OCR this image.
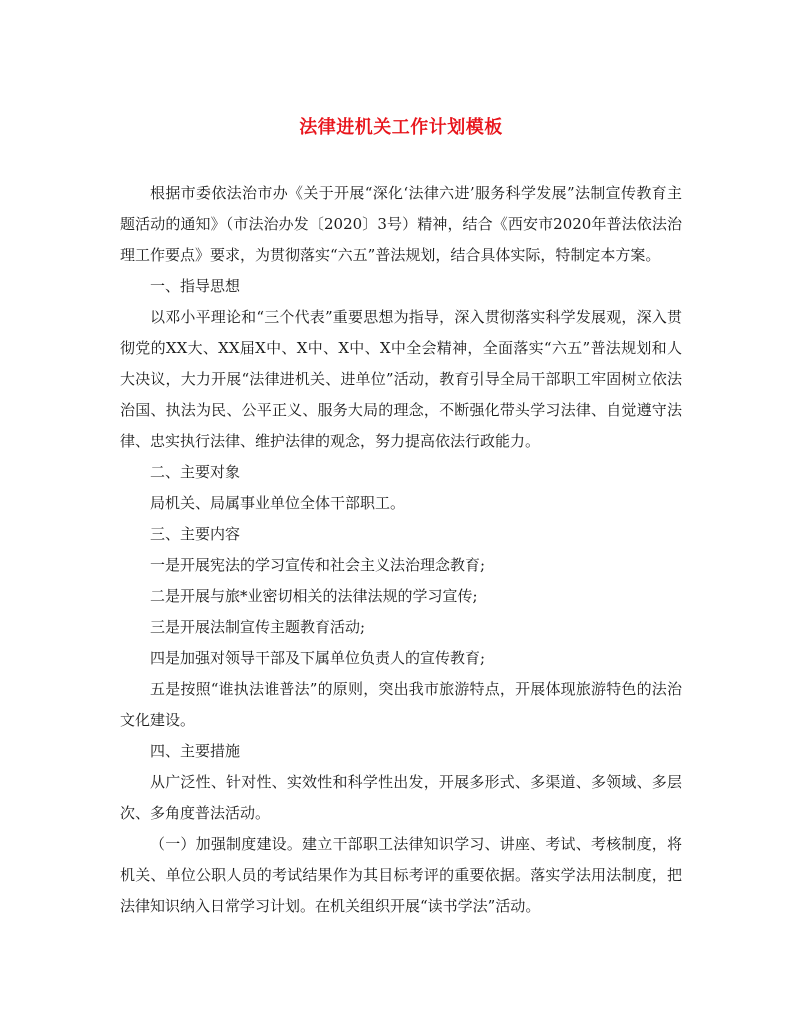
法律进机关工作计划模板

根据市委依法治市办《关于开展“深化‘法律六进’服务科学发展”法制宣传教育主题活动的通知》（市法治办发〔2020〕3号）精神，结合《西安市2020年普法依法治理工作要点》要求，为贯彻落实“六五”普法规划，结合具体实际，特制定本方案。

一、指导思想

以邓小平理论和“三个代表”重要思想为指导，深入贯彻落实科学发展观，深入贯彻党的XX大、XX届X中、X中、X中、X中全会精神，全面落实“六五”普法规划和人大决议，大力开展“法律进机关、进单位”活动，教育引导全局干部职工牢固树立依法治国、执法为民、公平正义、服务大局的理念，不断强化带头学习法律、自觉遵守法律、忠实执行法律、维护法律的观念，努力提高依法行政能力。

二、主要对象

局机关、局属事业单位全体干部职工。

三、主要内容

一是开展宪法的学习宣传和社会主义法治理念教育;

二是开展与旅*业密切相关的法律法规的学习宣传;

三是开展法制宣传主题教育活动;

四是加强对领导干部及下属单位负责人的宣传教育;

五是按照“谁执法谁普法”的原则，突出我市旅游特点，开展体现旅游特色的法治文化建设。

四、主要措施

从广泛性、针对性、实效性和科学性出发，开展多形式、多渠道、多领域、多层次、多角度普法活动。

（一）加强制度建设。建立干部职工法律知识学习、讲座、考试、考核制度，将机关、单位公职人员的考试结果作为其目标考评的重要依据。落实学法用法制度，把法律知识纳入日常学习计划。在机关组织开展“读书学法”活动。
